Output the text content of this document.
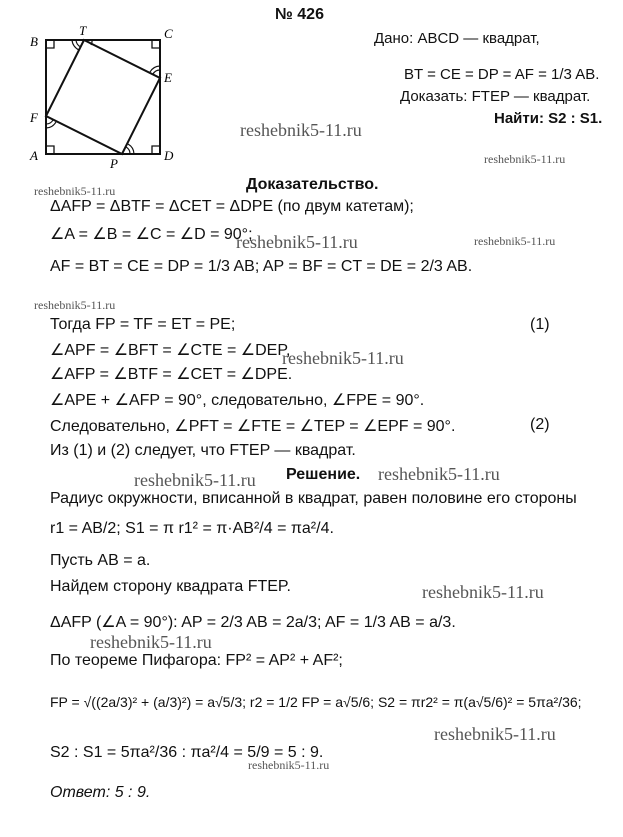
№ 426
B
T	C
E
F
A
P
D
Дано: ABCD — квадрат,
BT = CE = DP = AF = 1/3 AB.
Доказать: FTEP — квадрат.
Найти: S2 : S1.
Доказательство.
ΔAFP = ΔBTF = ΔCET = ΔDPE (по двум катетам);
∠A = ∠B = ∠C = ∠D = 90°;
AF = BT = CE = DP = 1/3 AB; AP = BF = CT = DE = 2/3 AB.
Тогда FP = TF = ET = PE;	(1)
∠APF = ∠BFT = ∠CTE = ∠DEP,
∠AFP = ∠BTF = ∠CET = ∠DPE.
∠APE + ∠AFP = 90°, следовательно, ∠FPE = 90°.
Следовательно, ∠PFT = ∠FTE = ∠TEP = ∠EPF = 90°.	(2)
Из (1) и (2) следует, что FTEP — квадрат.
Решение.
Радиус окружности, вписанной в квадрат, равен половине его стороны
r1 = AB/2; S1 = π r1² = π·AB²/4 = πa²/4.
Пусть AB = a.
Найдем сторону квадрата FTEP.
ΔAFP (∠A = 90°): AP = 2/3 AB = 2a/3; AF = 1/3 AB = a/3.
По теореме Пифагора: FP² = AP² + AF²;
FP = √((2a/3)² + (a/3)²) = a√5/3; r2 = 1/2 FP = a√5/6; S2 = πr2² = π(a√5/6)² = 5πa²/36;
S2 : S1 = 5πa²/36 : πa²/4 = 5/9 = 5 : 9.
Ответ: 5 : 9.
reshebnik5-11.ru
reshebnik5-11.ru
reshebnik5-11.ru
reshebnik5-11.ru	reshebnik5-11.ru
reshebnik5-11.ru
reshebnik5-11.ru
reshebnik5-11.ru	reshebnik5-11.ru
reshebnik5-11.ru
reshebnik5-11.ru
reshebnik5-11.ru
reshebnik5-11.ru
